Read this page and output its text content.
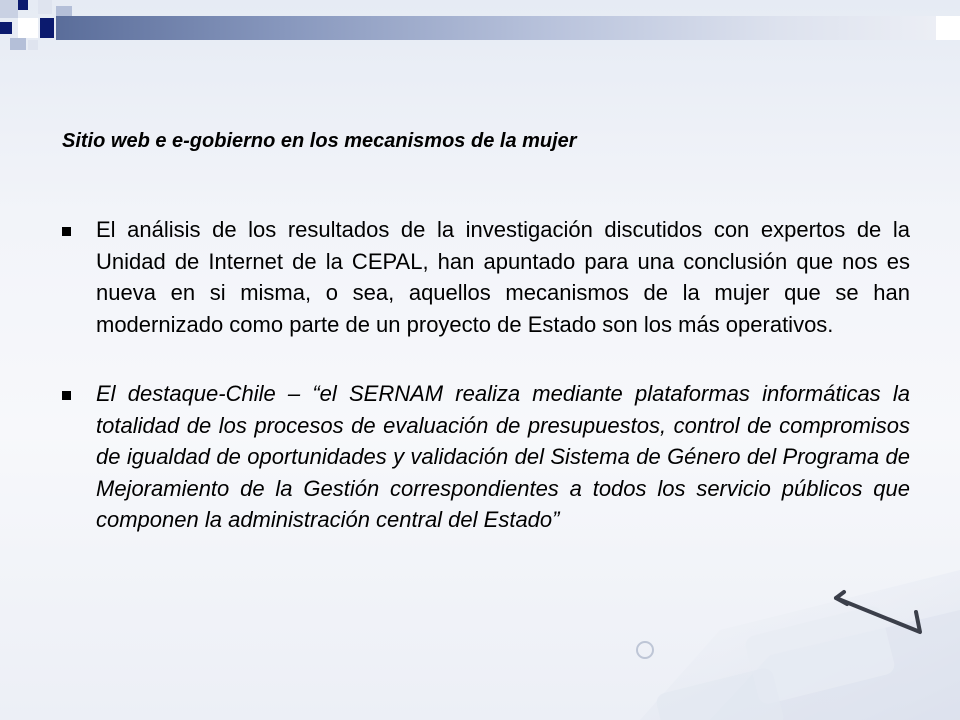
Sitio web e e-gobierno en los mecanismos de la mujer
El análisis de los resultados de la investigación discutidos con expertos de la Unidad de Internet de la CEPAL, han apuntado para una conclusión que nos es nueva en si misma, o sea, aquellos mecanismos de la mujer que se han modernizado como parte de un proyecto de Estado son los más operativos.
El destaque-Chile – “el SERNAM realiza mediante plataformas informáticas la totalidad de los procesos de evaluación de presupuestos, control de compromisos de igualdad de oportunidades y validación del Sistema de Género del Programa de Mejoramiento de la Gestión correspondientes a todos los servicio públicos que componen la administración central del Estado”
